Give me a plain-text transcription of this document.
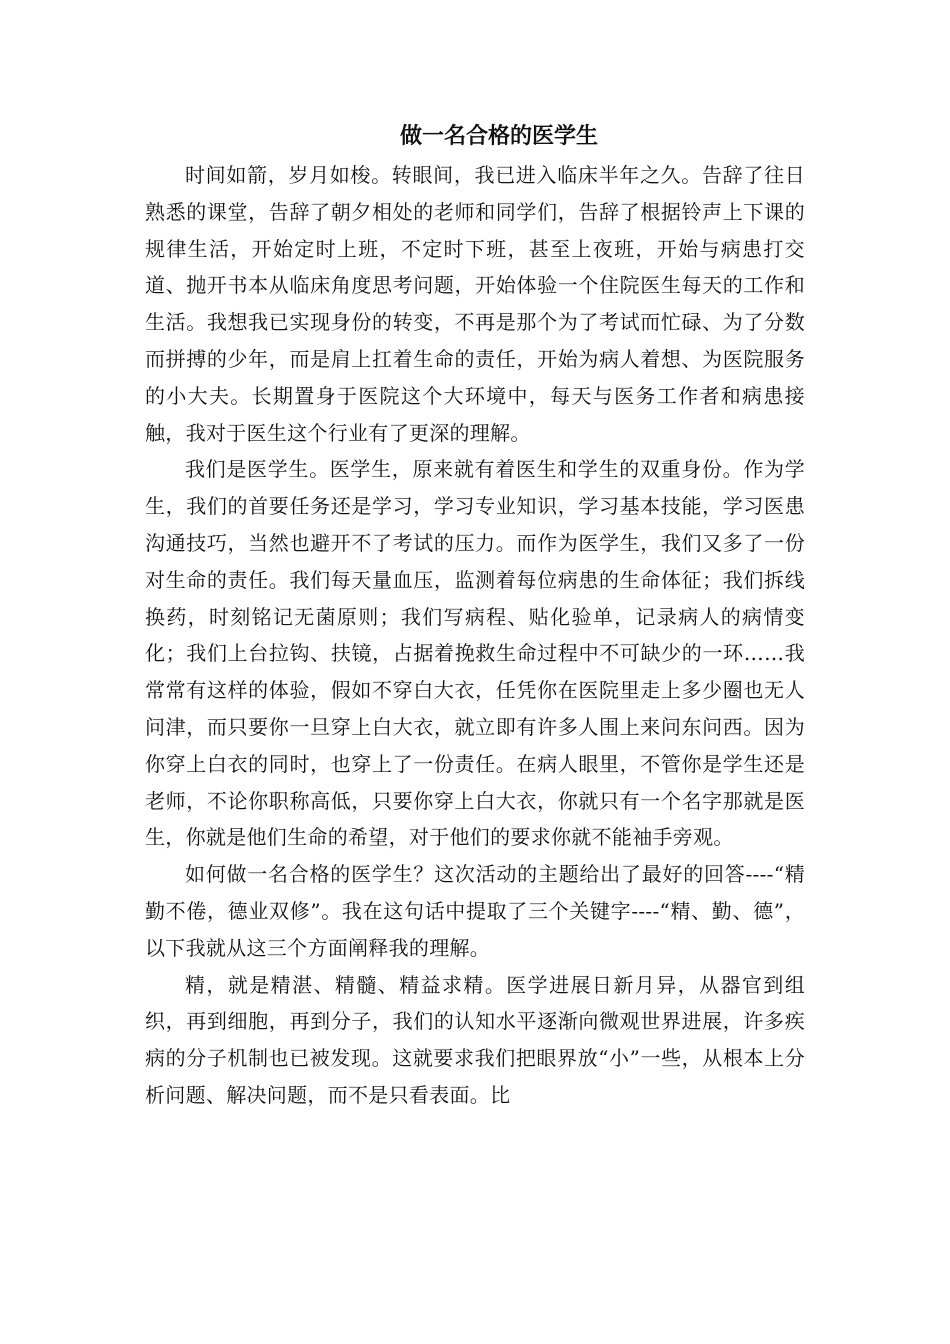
做一名合格的医学生

时间如箭，岁月如梭。转眼间，我已进入临床半年之久。告辞了往日熟悉的课堂，告辞了朝夕相处的老师和同学们，告辞了根据铃声上下课的规律生活，开始定时上班，不定时下班，甚至上夜班，开始与病患打交道、抛开书本从临床角度思考问题，开始体验一个住院医生每天的工作和生活。我想我已实现身份的转变，不再是那个为了考试而忙碌、为了分数而拼搏的少年，而是肩上扛着生命的责任，开始为病人着想、为医院服务的小大夫。长期置身于医院这个大环境中，每天与医务工作者和病患接触，我对于医生这个行业有了更深的理解。

我们是医学生。医学生，原来就有着医生和学生的双重身份。作为学生，我们的首要任务还是学习，学习专业知识，学习基本技能，学习医患沟通技巧，当然也避开不了考试的压力。而作为医学生，我们又多了一份对生命的责任。我们每天量血压，监测着每位病患的生命体征；我们拆线换药，时刻铭记无菌原则；我们写病程、贴化验单，记录病人的病情变化；我们上台拉钩、扶镜，占据着挽救生命过程中不可缺少的一环……我常常有这样的体验，假如不穿白大衣，任凭你在医院里走上多少圈也无人问津，而只要你一旦穿上白大衣，就立即有许多人围上来问东问西。因为你穿上白衣的同时，也穿上了一份责任。在病人眼里，不管你是学生还是老师，不论你职称高低，只要你穿上白大衣，你就只有一个名字那就是医生，你就是他们生命的希望，对于他们的要求你就不能袖手旁观。

如何做一名合格的医学生？这次活动的主题给出了最好的回答----“精勤不倦，德业双修”。我在这句话中提取了三个关键字----“精、勤、德”，以下我就从这三个方面阐释我的理解。

精，就是精湛、精髓、精益求精。医学进展日新月异，从器官到组织，再到细胞，再到分子，我们的认知水平逐渐向微观世界进展，许多疾病的分子机制也已被发现。这就要求我们把眼界放“小”一些，从根本上分析问题、解决问题，而不是只看表面。比
